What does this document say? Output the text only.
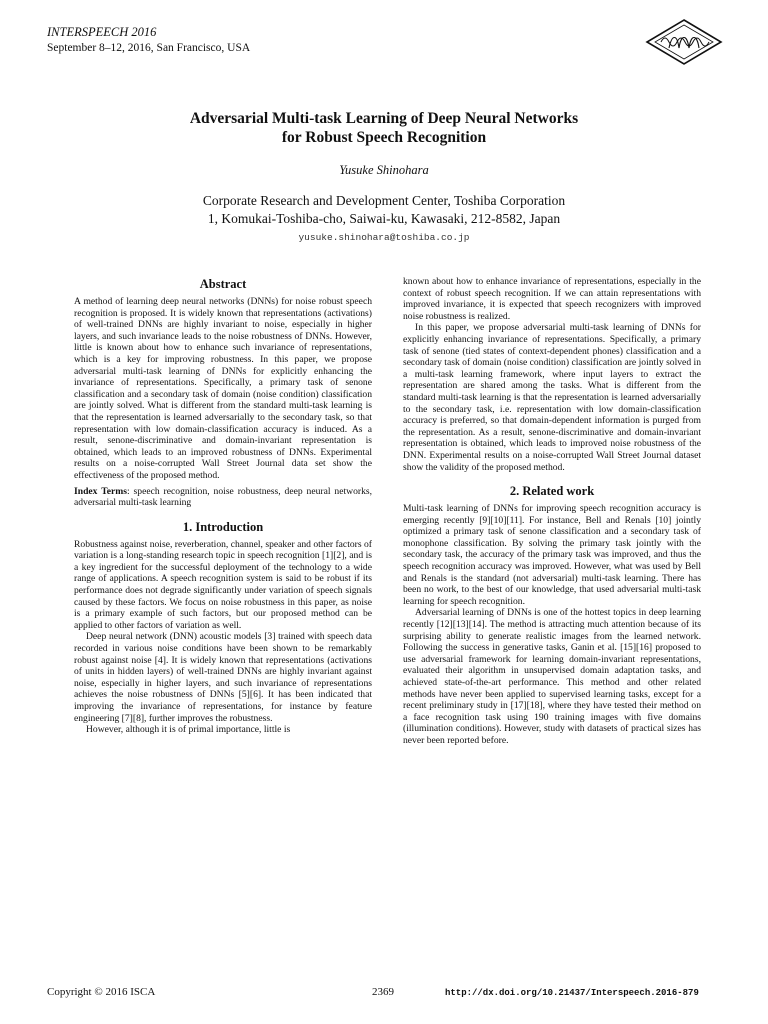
INTERSPEECH 2016
September 8–12, 2016, San Francisco, USA
Adversarial Multi-task Learning of Deep Neural Networks
for Robust Speech Recognition
Yusuke Shinohara
Corporate Research and Development Center, Toshiba Corporation
1, Komukai-Toshiba-cho, Saiwai-ku, Kawasaki, 212-8582, Japan
yusuke.shinohara@toshiba.co.jp
Abstract

A method of learning deep neural networks (DNNs) for noise robust speech recognition is proposed. It is widely known that representations (activations) of well-trained DNNs are highly invariant to noise, especially in higher layers, and such invariance leads to the noise robustness of DNNs. However, little is known about how to enhance such invariance of representations, which is a key for improving robustness. In this paper, we propose adversarial multi-task learning of DNNs for explicitly enhancing the invariance of representations. Specifically, a primary task of senone classification and a secondary task of domain (noise condition) classification are jointly solved. What is different from the standard multi-task learning is that the representation is learned adversarially to the secondary task, so that representation with low domain-classification accuracy is induced. As a result, senone-discriminative and domain-invariant representation is obtained, which leads to an improved robustness of DNNs. Experimental results on a noise-corrupted Wall Street Journal data set show the effectiveness of the proposed method.

Index Terms: speech recognition, noise robustness, deep neural networks, adversarial multi-task learning

1. Introduction

Robustness against noise, reverberation, channel, speaker and other factors of variation is a long-standing research topic in speech recognition [1][2], and is a key ingredient for the successful deployment of the technology to a wide range of applications. A speech recognition system is said to be robust if its performance does not degrade significantly under variation of speech signals caused by these factors. We focus on noise robustness in this paper, as noise is a primary example of such factors, but our proposed method can be applied to other factors of variation as well.

Deep neural network (DNN) acoustic models [3] trained with speech data recorded in various noise conditions have been shown to be remarkably robust against noise [4]. It is widely known that representations (activations of units in hidden layers) of well-trained DNNs are highly invariant against noise, especially in higher layers, and such invariance of representations achieves the noise robustness of DNNs [5][6]. It has been indicated that improving the invariance of representations, for instance by feature engineering [7][8], further improves the robustness.

However, although it is of primal importance, little is

known about how to enhance invariance of representations, especially in the context of robust speech recognition. If we can attain representations with improved invariance, it is expected that speech recognizers with improved noise robustness is realized.

In this paper, we propose adversarial multi-task learning of DNNs for explicitly enhancing invariance of representations. Specifically, a primary task of senone (tied states of context-dependent phones) classification and a secondary task of domain (noise condition) classification are jointly solved in a multi-task learning framework, where input layers to extract the representation are shared among the tasks. What is different from the standard multi-task learning is that the representation is learned adversarially to the secondary task, i.e. representation with low domain-classification accuracy is preferred, so that domain-dependent information is purged from the representation. As a result, senone-discriminative and domain-invariant representation is obtained, which leads to improved noise robustness of the DNN. Experimental results on a noise-corrupted Wall Street Journal dataset show the validity of the proposed method.

2. Related work

Multi-task learning of DNNs for improving speech recognition accuracy is emerging recently [9][10][11]. For instance, Bell and Renals [10] jointly optimized a primary task of senone classification and a secondary task of monophone classification. By solving the primary task jointly with the secondary task, the accuracy of the primary task was improved, and thus the speech recognition accuracy was improved. However, what was used by Bell and Renals is the standard (not adversarial) multi-task learning. There has been no work, to the best of our knowledge, that used adversarial multi-task learning for speech recognition.

Adversarial learning of DNNs is one of the hottest topics in deep learning recently [12][13][14]. The method is attracting much attention because of its surprising ability to generate realistic images from the learned network. Following the success in generative tasks, Ganin et al. [15][16] proposed to use adversarial framework for learning domain-invariant representations, evaluated their algorithm in unsupervised domain adaptation tasks, and achieved state-of-the-art performance. This method and other related methods have never been applied to supervised learning tasks, except for a recent preliminary study in [17][18], where they have tested their method on a face recognition task using 190 training images with five domains (illumination conditions). However, study with datasets of practical sizes has never been reported before.

Copyright © 2016 ISCA	2369	http://dx.doi.org/10.21437/Interspeech.2016-879
